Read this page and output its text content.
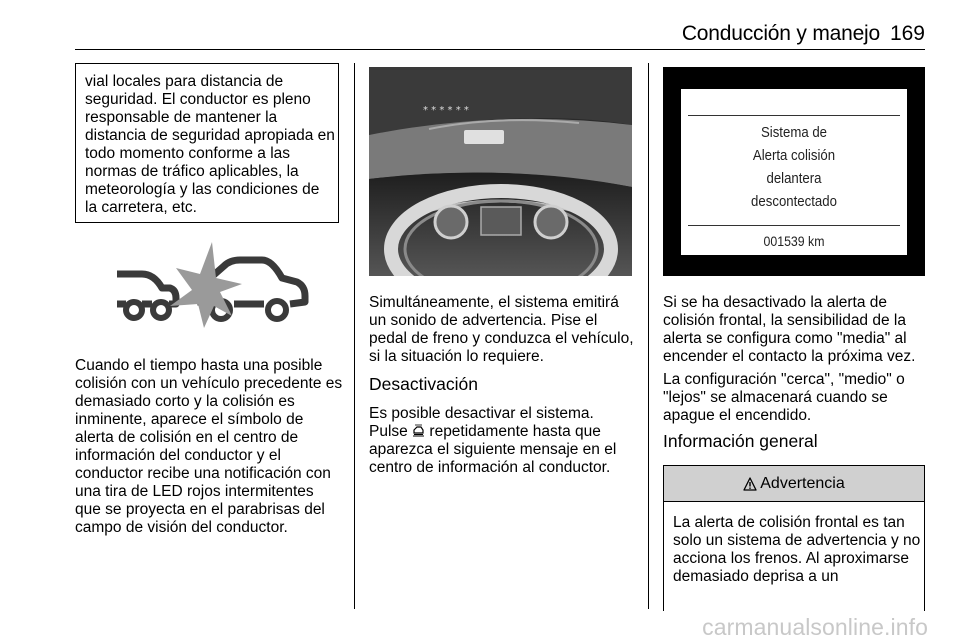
Conducción y manejo 169

vial locales para distancia de seguridad. El conductor es pleno responsable de mantener la distancia de seguridad apropiada en todo momento conforme a las normas de tráfico aplicables, la meteorología y las condiciones de la carretera, etc.

Cuando el tiempo hasta una posible colisión con un vehículo precedente es demasiado corto y la colisión es inminente, aparece el símbolo de alerta de colisión en el centro de información del conductor y el conductor recibe una notificación con una tira de LED rojos intermitentes que se proyecta en el parabrisas del campo de visión del conductor.

* * * * * *

Simultáneamente, el sistema emitirá un sonido de advertencia. Pise el pedal de freno y conduzca el vehículo, si la situación lo requiere.

Desactivación

Es posible desactivar el sistema. Pulse repetidamente hasta que aparezca el siguiente mensaje en el centro de información al conductor.

Sistema de
Alerta colisión
delantera
descontectado
001539 km

Si se ha desactivado la alerta de colisión frontal, la sensibilidad de la alerta se configura como "media" al encender el contacto la próxima vez.

La configuración "cerca", "medio" o "lejos" se almacenará cuando se apague el encendido.

Información general
Advertencia

La alerta de colisión frontal es tan solo un sistema de advertencia y no acciona los frenos. Al aproximarse demasiado deprisa a un

carmanualsonline.info
